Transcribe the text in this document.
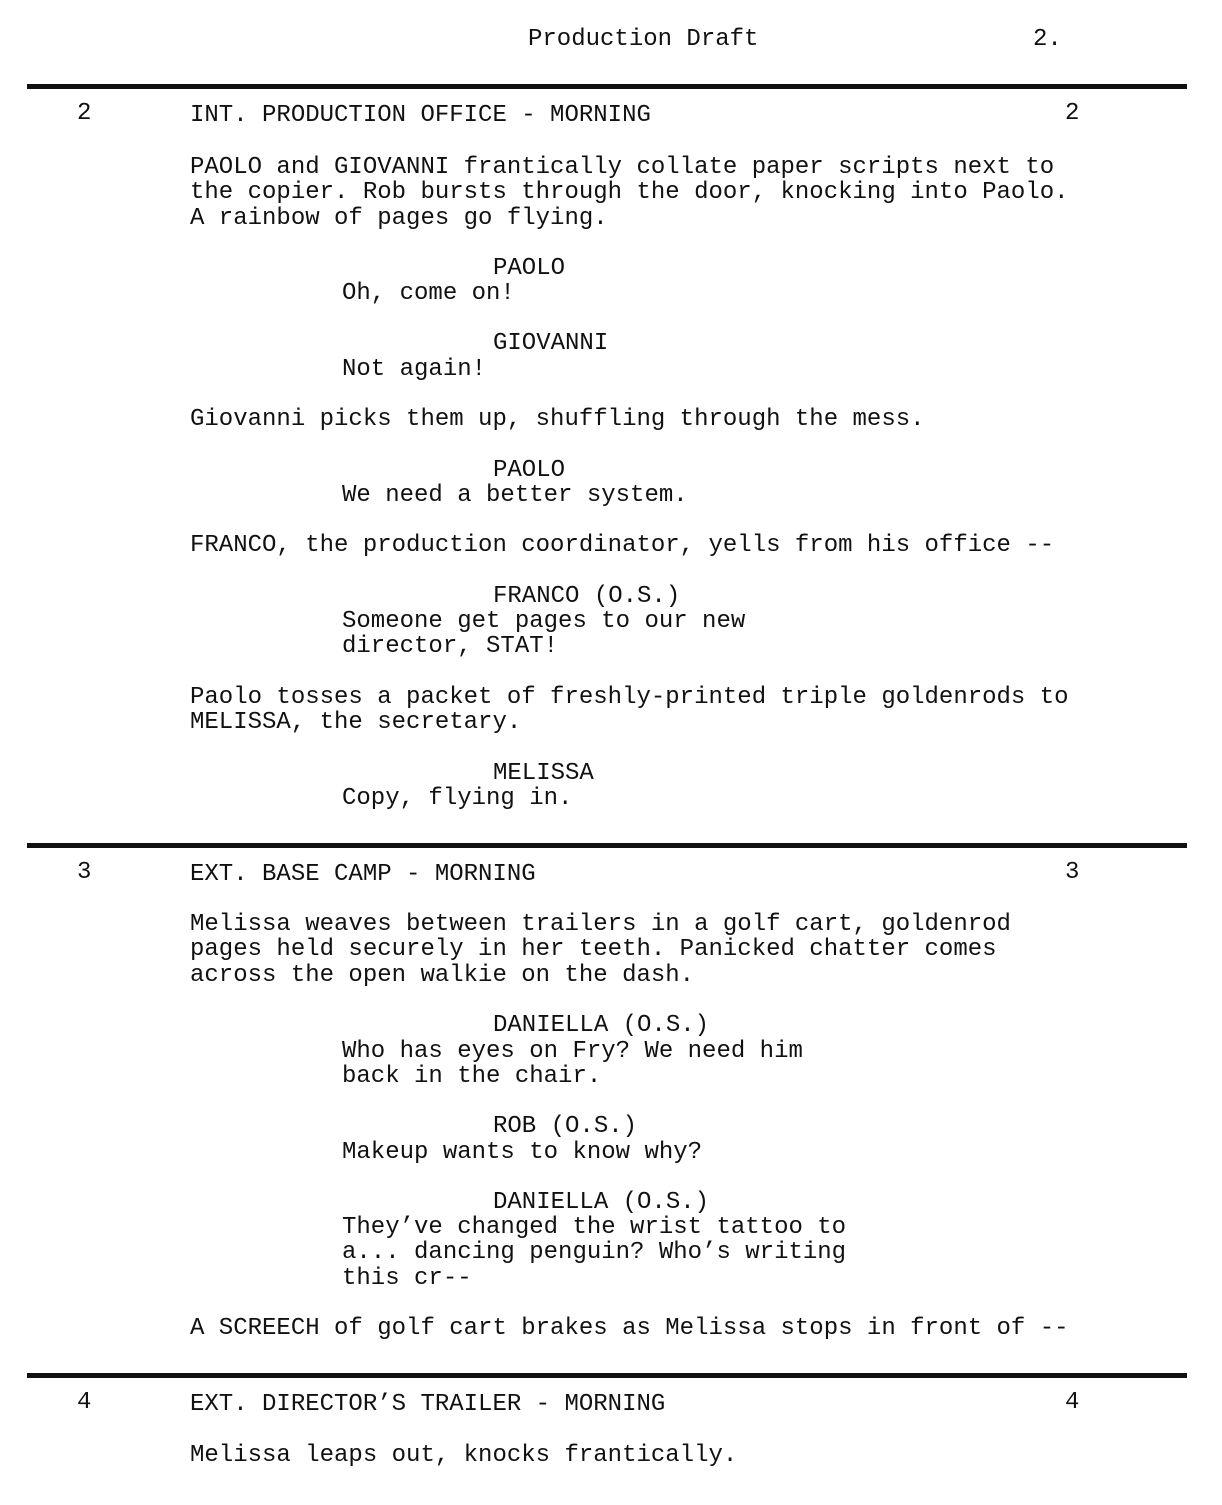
Production Draft	2.
2	INT. PRODUCTION OFFICE - MORNING	2
PAOLO and GIOVANNI frantically collate paper scripts next to
the copier. Rob bursts through the door, knocking into Paolo.
A rainbow of pages go flying.
PAOLO
Oh, come on!
GIOVANNI
Not again!
Giovanni picks them up, shuffling through the mess.
PAOLO
We need a better system.
FRANCO, the production coordinator, yells from his office --
FRANCO (O.S.)
Someone get pages to our new
director, STAT!
Paolo tosses a packet of freshly-printed triple goldenrods to
MELISSA, the secretary.
MELISSA
Copy, flying in.
3	EXT. BASE CAMP - MORNING	3
Melissa weaves between trailers in a golf cart, goldenrod
pages held securely in her teeth. Panicked chatter comes
across the open walkie on the dash.
DANIELLA (O.S.)
Who has eyes on Fry? We need him
back in the chair.
ROB (O.S.)
Makeup wants to know why?
DANIELLA (O.S.)
They’ve changed the wrist tattoo to
a... dancing penguin? Who’s writing
this cr--
A SCREECH of golf cart brakes as Melissa stops in front of --
4	EXT. DIRECTOR’S TRAILER - MORNING	4
Melissa leaps out, knocks frantically.
